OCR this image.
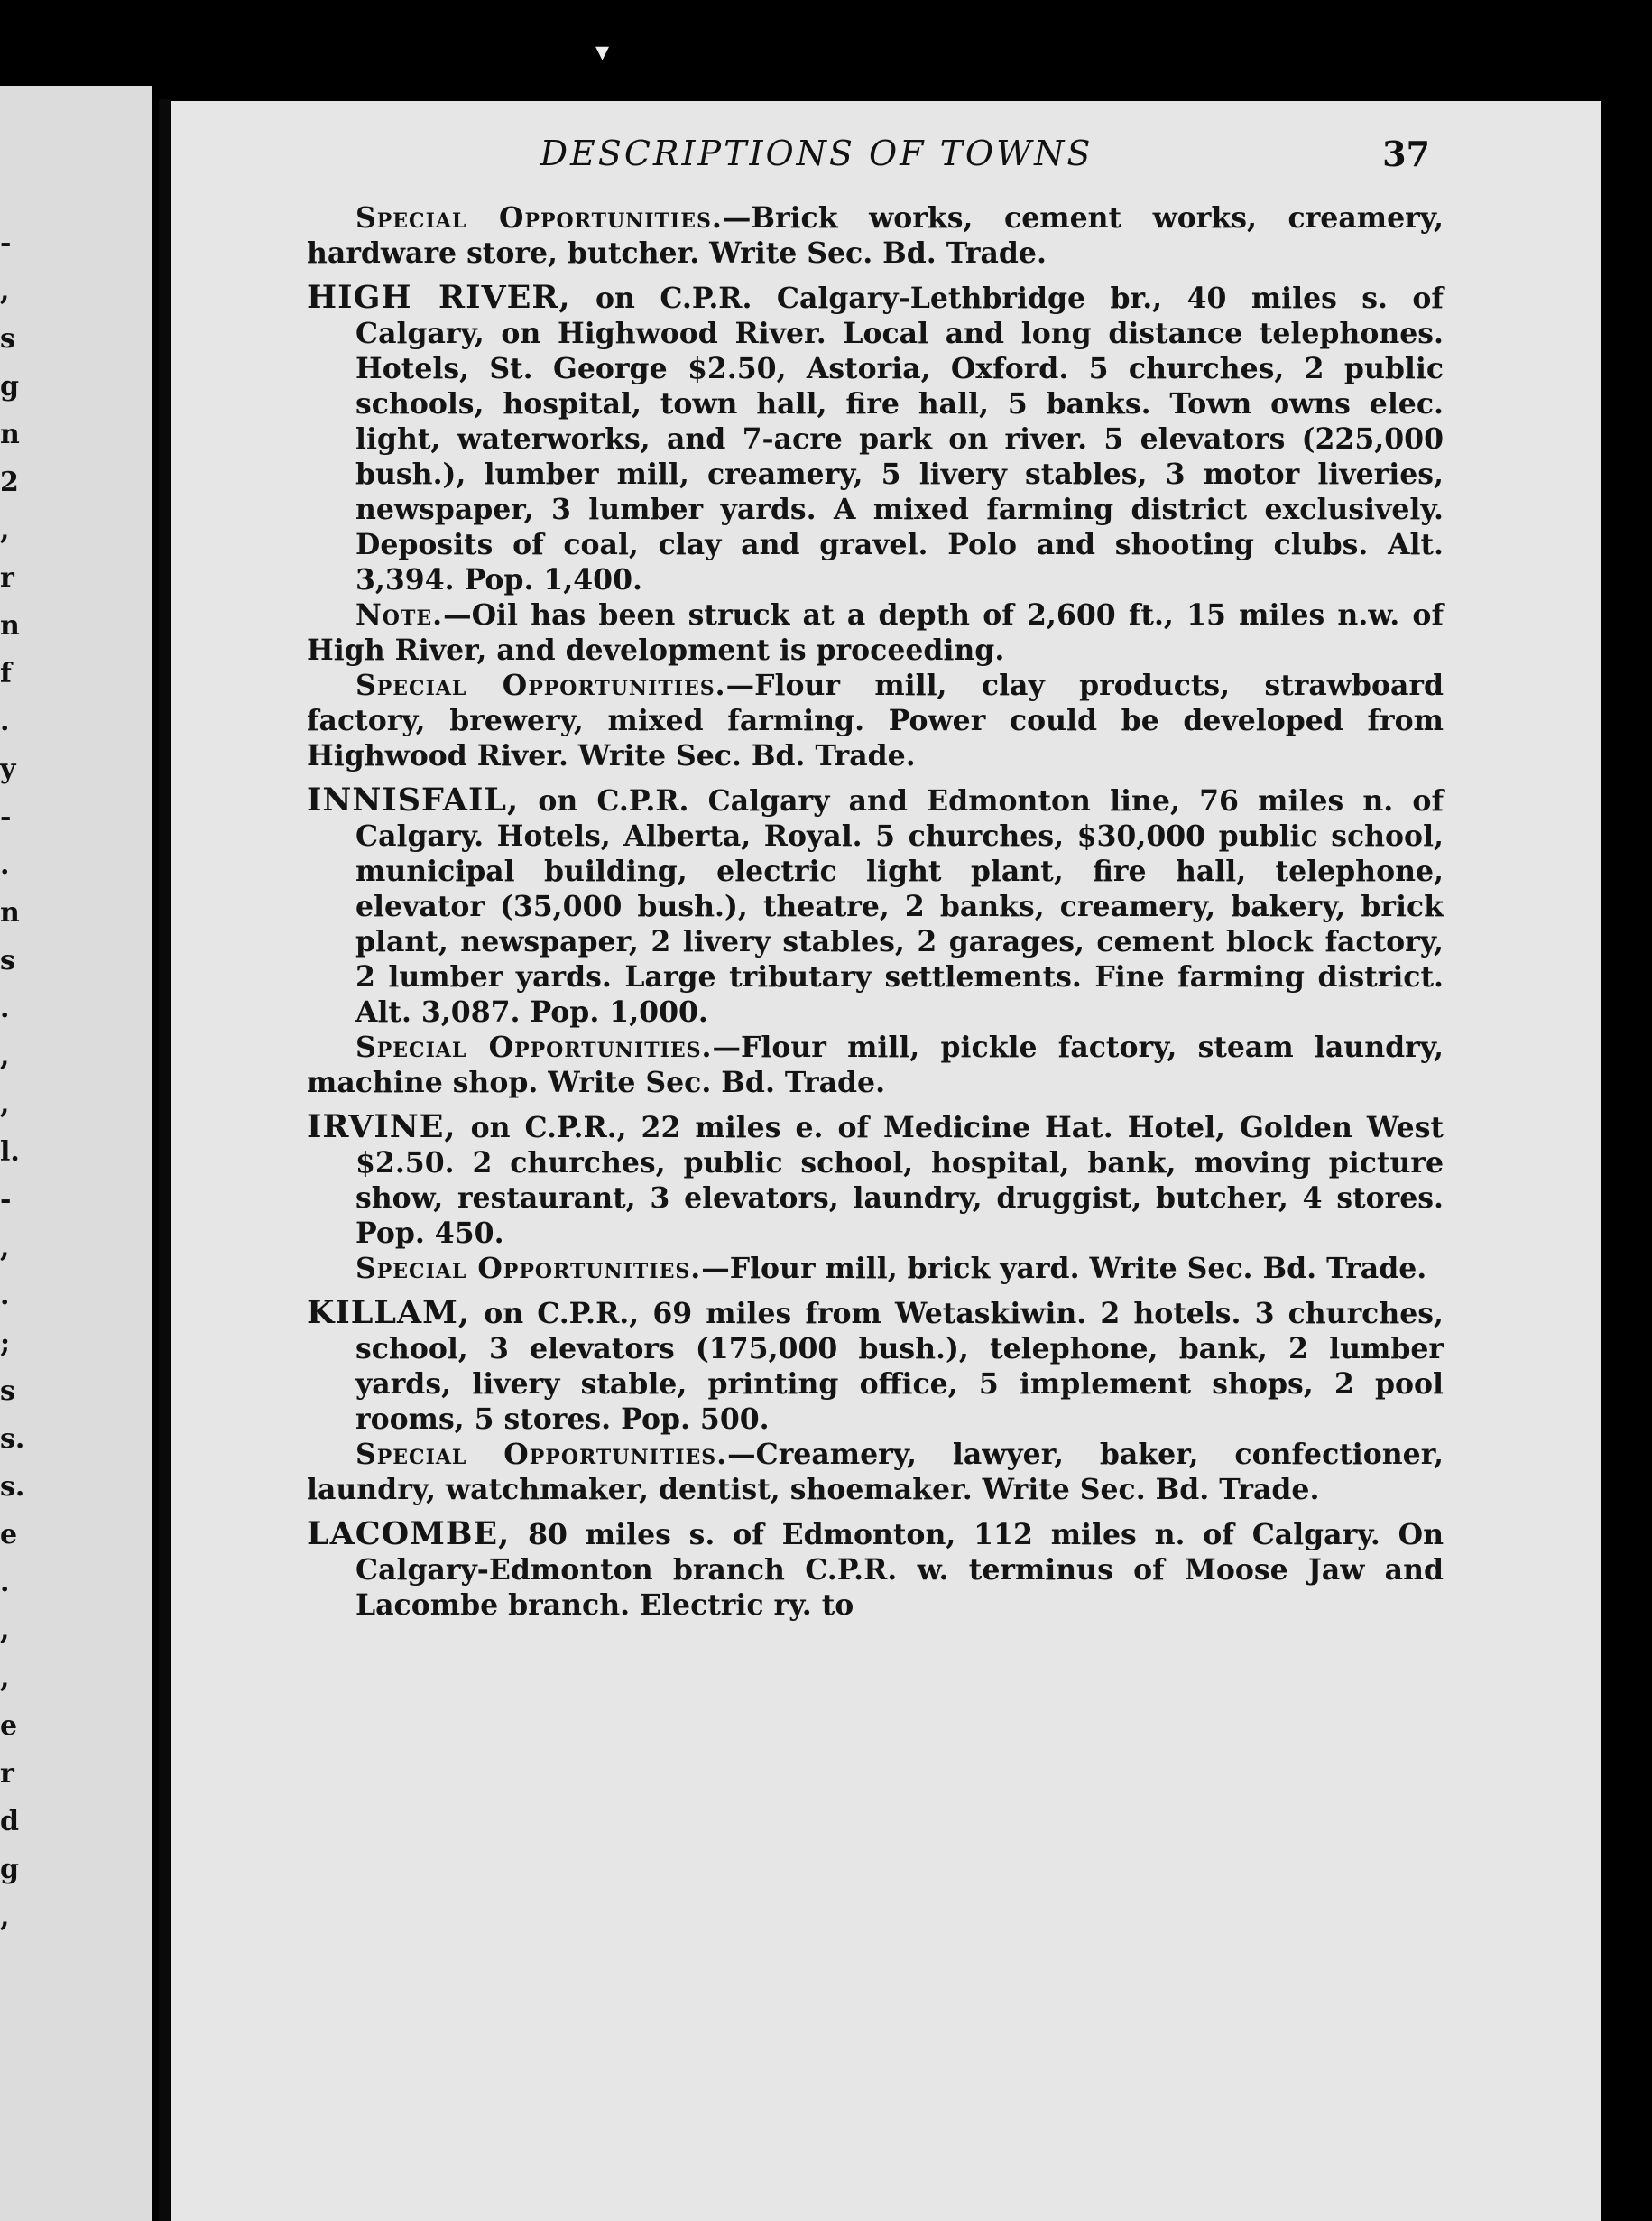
▾
-
,
s
g
n
2
,
r
n
f
.
y
-
.
n
s
.
,
,
l.
-
,
.
;
s
s.
s.
e
.
,
,
e
r
d
g
,
DESCRIPTIONS OF TOWNS	37

Special Opportunities.—Brick works, cement works, creamery, hardware store, butcher. Write Sec. Bd. Trade.

HIGH RIVER, on C.P.R. Calgary-Lethbridge br., 40 miles s. of Calgary, on Highwood River. Local and long distance telephones. Hotels, St. George $2.50, Astoria, Oxford. 5 churches, 2 public schools, hospital, town hall, fire hall, 5 banks. Town owns elec. light, waterworks, and 7-acre park on river. 5 elevators (225,000 bush.), lumber mill, creamery, 5 livery stables, 3 motor liveries, newspaper, 3 lumber yards. A mixed farming district exclusively. Deposits of coal, clay and gravel. Polo and shooting clubs. Alt. 3,394. Pop. 1,400.

Note.—Oil has been struck at a depth of 2,600 ft., 15 miles n.w. of High River, and development is proceeding.

Special Opportunities.—Flour mill, clay products, strawboard factory, brewery, mixed farming. Power could be developed from Highwood River. Write Sec. Bd. Trade.

INNISFAIL, on C.P.R. Calgary and Edmonton line, 76 miles n. of Calgary. Hotels, Alberta, Royal. 5 churches, $30,000 public school, municipal building, electric light plant, fire hall, telephone, elevator (35,000 bush.), theatre, 2 banks, creamery, bakery, brick plant, newspaper, 2 livery stables, 2 garages, cement block factory, 2 lumber yards. Large tributary settlements. Fine farming district. Alt. 3,087. Pop. 1,000.

Special Opportunities.—Flour mill, pickle factory, steam laundry, machine shop. Write Sec. Bd. Trade.

IRVINE, on C.P.R., 22 miles e. of Medicine Hat. Hotel, Golden West $2.50. 2 churches, public school, hospital, bank, moving picture show, restaurant, 3 elevators, laundry, druggist, butcher, 4 stores. Pop. 450.

Special Opportunities.—Flour mill, brick yard. Write Sec. Bd. Trade.

KILLAM, on C.P.R., 69 miles from Wetaskiwin. 2 hotels. 3 churches, school, 3 elevators (175,000 bush.), telephone, bank, 2 lumber yards, livery stable, printing office, 5 implement shops, 2 pool rooms, 5 stores. Pop. 500.

Special Opportunities.—Creamery, lawyer, baker, confectioner, laundry, watchmaker, dentist, shoemaker. Write Sec. Bd. Trade.

LACOMBE, 80 miles s. of Edmonton, 112 miles n. of Calgary. On Calgary-Edmonton branch C.P.R. w. terminus of Moose Jaw and Lacombe branch. Electric ry. to
